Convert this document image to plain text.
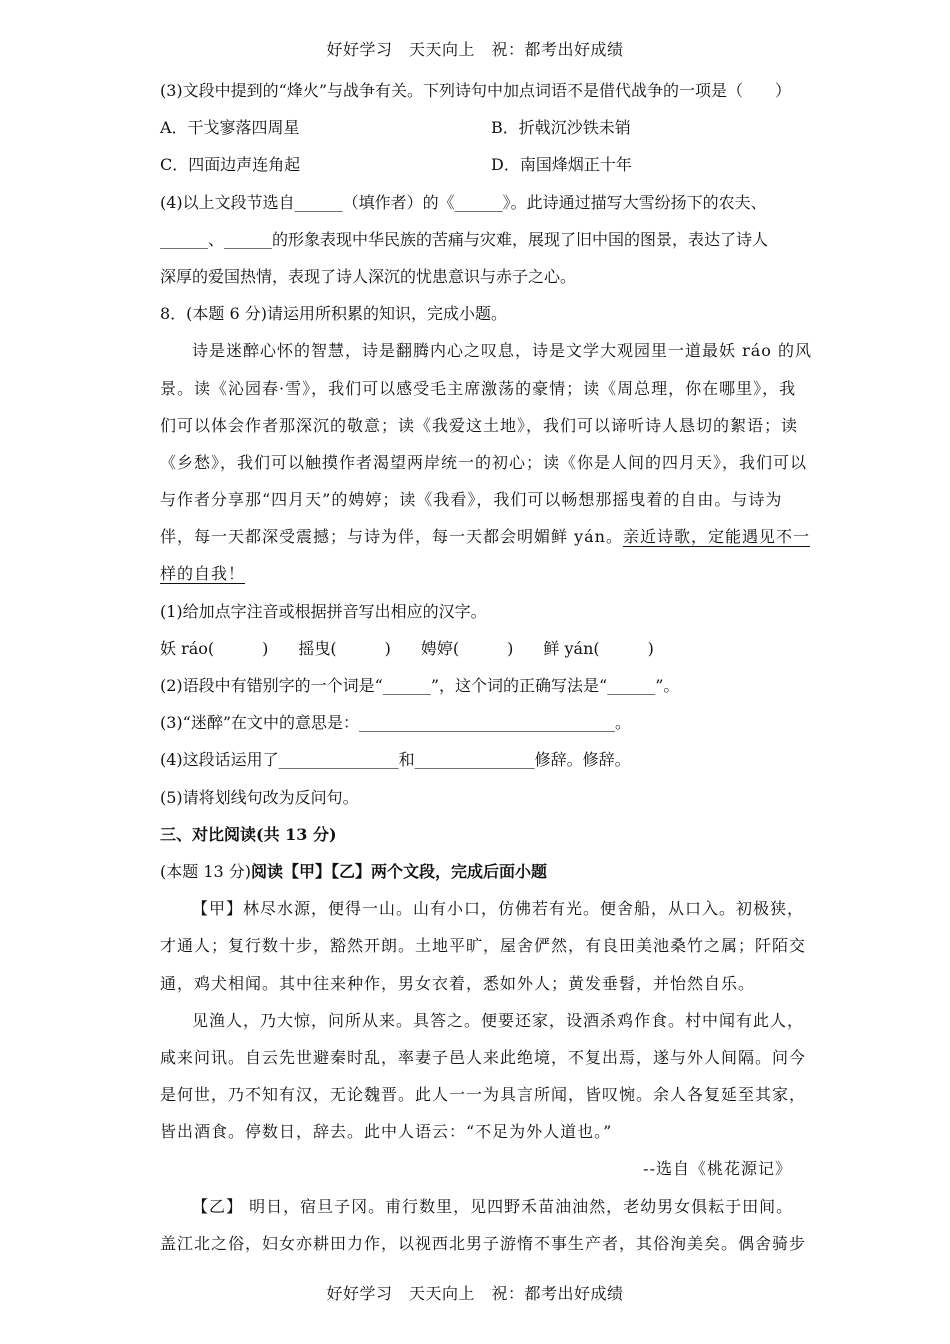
好好学习　天天向上　祝：都考出好成绩
(3)文段中提到的“烽火”与战争有关。下列诗句中加点词语不是借代战争的一项是（　　）
A．干戈寥落四周星	B．折戟沉沙铁未销
C．四面边声连角起	D．南国烽烟正十年
(4)以上文段节选自______（填作者）的《______》。此诗通过描写大雪纷扬下的农夫、
______、______的形象表现中华民族的苦痛与灾难，展现了旧中国的图景，表达了诗人
深厚的爱国热情，表现了诗人深沉的忧患意识与赤子之心。
8．(本题 6 分)请运用所积累的知识，完成小题。
诗是迷醉心怀的智慧，诗是翻腾内心之叹息，诗是文学大观园里一道最妖 ráo 的风
景。读《沁园春·雪》，我们可以感受毛主席激荡的豪情；读《周总理，你在哪里》，我
们可以体会作者那深沉的敬意；读《我爱这土地》，我们可以谛听诗人恳切的絮语；读
《乡愁》，我们可以触摸作者渴望两岸统一的初心；读《你是人间的四月天》，我们可以
与作者分享那“四月天”的娉婷；读《我看》，我们可以畅想那摇曳着的自由。与诗为
伴，每一天都深受震撼；与诗为伴，每一天都会明媚鲜 yán。亲近诗歌，定能遇见不一
样的自我！
(1)给加点字注音或根据拼音写出相应的汉字。
妖 ráo(　　　) 摇曳(　　　) 娉婷(　　　) 鲜 yán(　　　)
(2)语段中有错别字的一个词是“______”，这个词的正确写法是“______”。
(3)“迷醉”在文中的意思是：________________________________。
(4)这段话运用了_______________和_______________修辞。修辞。
(5)请将划线句改为反问句。
三、对比阅读(共 13 分)
(本题 13 分)阅读【甲】【乙】两个文段，完成后面小题
【甲】林尽水源，便得一山。山有小口，仿佛若有光。便舍船，从口入。初极狭，
才通人；复行数十步，豁然开朗。土地平旷，屋舍俨然，有良田美池桑竹之属；阡陌交
通，鸡犬相闻。其中往来种作，男女衣着，悉如外人；黄发垂髫，并怡然自乐。
见渔人，乃大惊，问所从来。具答之。便要还家，设酒杀鸡作食。村中闻有此人，
咸来问讯。自云先世避秦时乱，率妻子邑人来此绝境，不复出焉，遂与外人间隔。问今
是何世，乃不知有汉，无论魏晋。此人一一为具言所闻，皆叹惋。余人各复延至其家，
皆出酒食。停数日，辞去。此中人语云：“不足为外人道也。”
--选自《桃花源记》
【乙】 明日，宿旦子冈。甫行数里，见四野禾苗油油然，老幼男女俱耘于田间。
盖江北之俗，妇女亦耕田力作，以视西北男子游惰不事生产者，其俗洵美矣。偶舍骑步
好好学习　天天向上　祝：都考出好成绩
